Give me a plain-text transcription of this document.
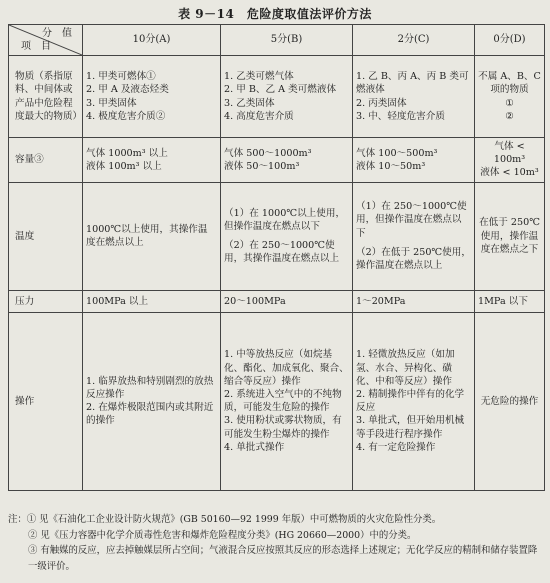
表 9－14　危险度取值法评价方法
分　值
项　目	10分(A)	5分(B)	2分(C)	0分(D)
物质（系指原料、中间体或产品中危险程度最大的物质）	1. 甲类可燃体①
2. 甲 A 及液态烃类
3. 甲类固体
4. 极度危害介质②	1. 乙类可燃气体
2. 甲 B、乙 A 类可燃液体
3. 乙类固体
4. 高度危害介质	1. 乙 B、丙 A、丙 B 类可燃液体
2. 丙类固体
3. 中、轻度危害介质	不属 A、B、C 项的物质
①
②

容量③	气体 1000m³ 以上
液体 100m³ 以上	气体 500～1000m³
液体 50～100m³	气体 100～500m³
液体 10～50m³	气体 < 100m³
液体 < 10m³

温度	1000℃以上使用，其操作温度在燃点以上	（1）在 1000℃以上使用，但操作温度在燃点以下
（2）在 250～1000℃使用，其操作温度在燃点以上	（1）在 250～1000℃使用，但操作温度在燃点以下
（2）在低于 250℃使用，操作温度在燃点以上	在低于 250℃使用，操作温度在燃点之下
压力	100MPa 以上	20～100MPa	1～20MPa	1MPa 以下
操作	1. 临界放热和特别剧烈的放热反应操作
2. 在爆炸极限范围内或其附近的操作	1. 中等放热反应（如烷基化、酯化、加成氧化、聚合、缩合等反应）操作
2. 系统进入空气中的不纯物质，可能发生危险的操作
3. 使用粉状或雾状物质，有可能发生粉尘爆炸的操作
4. 单批式操作	1. 轻微放热反应（如加氢、水合、异构化、磺化、中和等反应）操作
2. 精制操作中伴有的化学反应
3. 单批式，但开始用机械等手段进行程序操作
4. 有一定危险操作	无危险的操作
注：① 见《石油化工企业设计防火规范》(GB 50160—92 1999 年版）中可燃物质的火灾危险性分类。
② 见《压力容器中化学介质毒性危害和爆炸危险程度分类》(HG 20660—2000）中的分类。
③ 有触媒的反应，应去掉触媒层所占空间；气液混合反应按照其反应的形态选择上述规定；无化学反应的精制和储存装置降一级评价。
